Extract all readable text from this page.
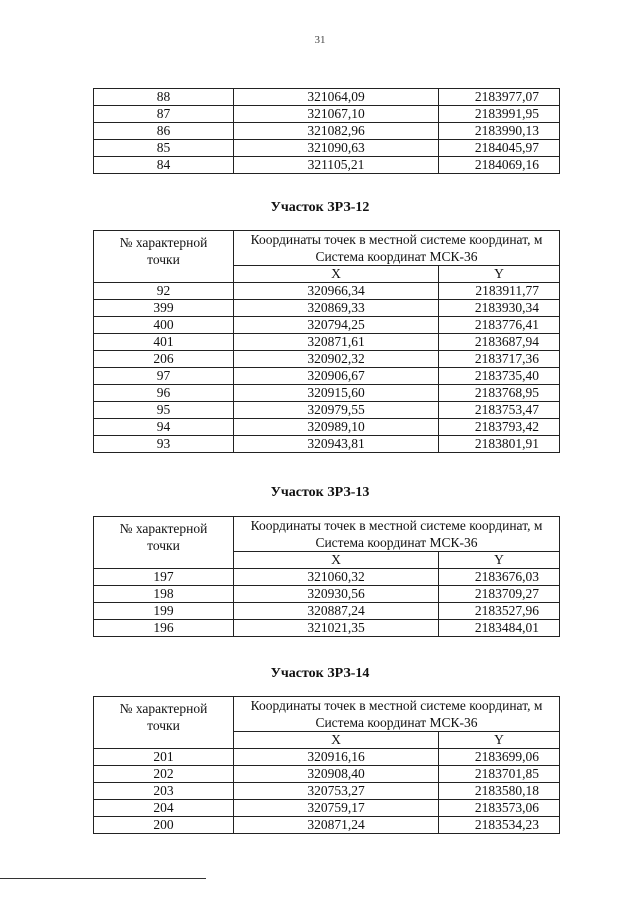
31
88	321064,09	2183977,07
87	321067,10	2183991,95
86	321082,96	2183990,13
85	321090,63	2184045,97
84	321105,21	2184069,16
Участок ЗРЗ-12
№ характерной
точки	Координаты точек в местной системе координат, м
Система координат МСК-36	
	X	Y
92	320966,34	2183911,77
399	320869,33	2183930,34
400	320794,25	2183776,41
401	320871,61	2183687,94
206	320902,32	2183717,36
97	320906,67	2183735,40
96	320915,60	2183768,95
95	320979,55	2183753,47
94	320989,10	2183793,42
93	320943,81	2183801,91
Участок ЗРЗ-13
№ характерной
точки	Координаты точек в местной системе координат, м
Система координат МСК-36	
	X	Y
197	321060,32	2183676,03
198	320930,56	2183709,27
199	320887,24	2183527,96
196	321021,35	2183484,01
Участок ЗРЗ-14
№ характерной
точки	Координаты точек в местной системе координат, м
Система координат МСК-36	
	X	Y
201	320916,16	2183699,06
202	320908,40	2183701,85
203	320753,27	2183580,18
204	320759,17	2183573,06
200	320871,24	2183534,23
